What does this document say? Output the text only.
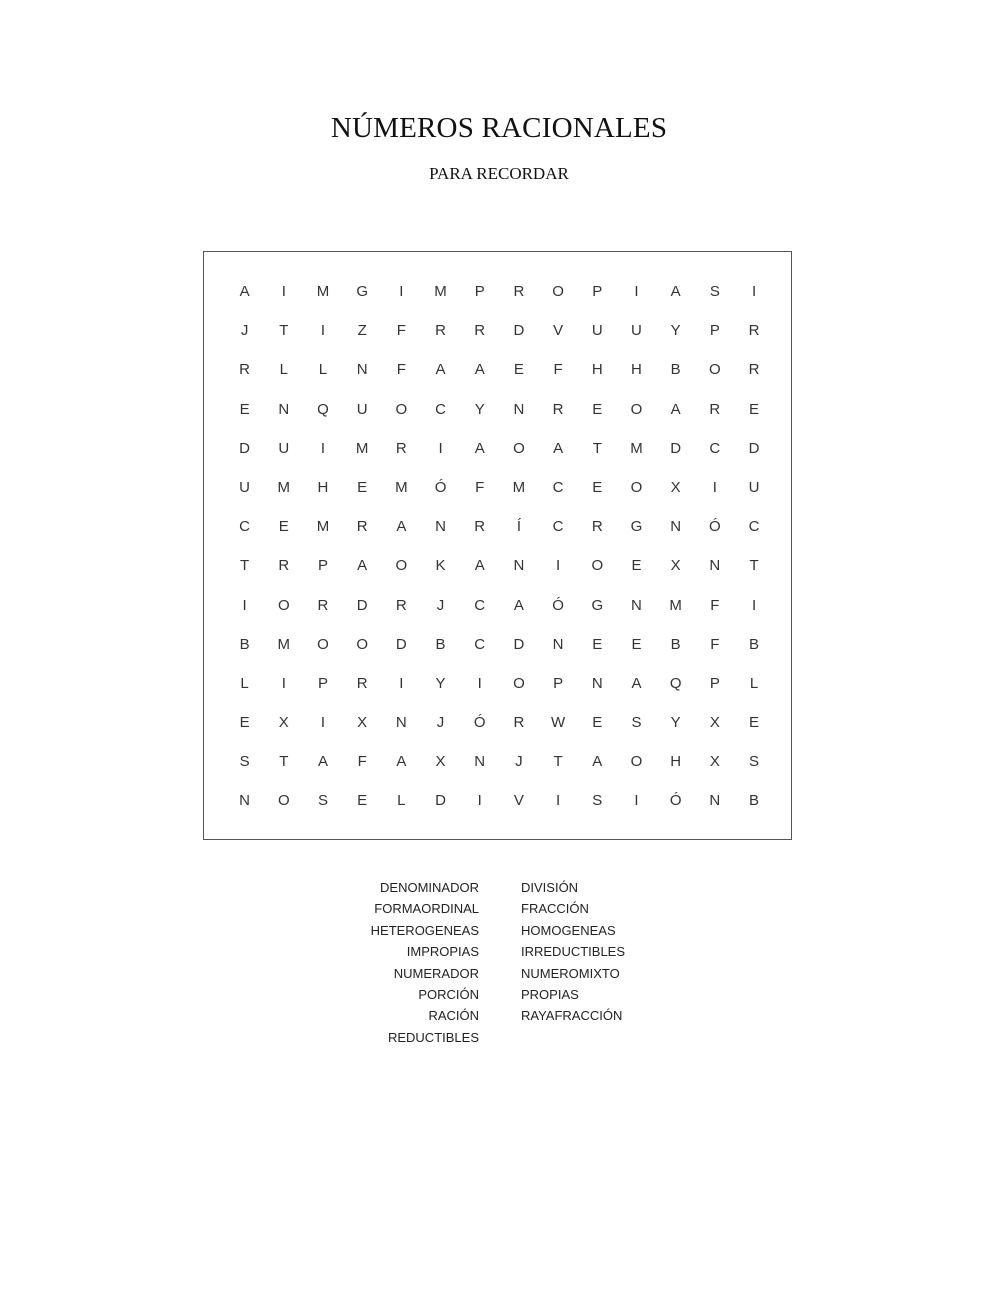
NÚMEROS RACIONALES
PARA RECORDAR
A	I	M	G	I	M	P	R	O	P	I	A	S	I
J	T	I	Z	F	R	R	D	V	U	U	Y	P	R
R	L	L	N	F	A	A	E	F	H	H	B	O	R
E	N	Q	U	O	C	Y	N	R	E	O	A	R	E
D	U	I	M	R	I	A	O	A	T	M	D	C	D
U	M	H	E	M	Ó	F	M	C	E	O	X	I	U
C	E	M	R	A	N	R	Í	C	R	G	N	Ó	C
T	R	P	A	O	K	A	N	I	O	E	X	N	T
I	O	R	D	R	J	C	A	Ó	G	N	M	F	I
B	M	O	O	D	B	C	D	N	E	E	B	F	B
L	I	P	R	I	Y	I	O	P	N	A	Q	P	L
E	X	I	X	N	J	Ó	R	W	E	S	Y	X	E
S	T	A	F	A	X	N	J	T	A	O	H	X	S
N	O	S	E	L	D	I	V	I	S	I	Ó	N	B
DENOMINADOR
FORMAORDINAL
HETEROGENEAS
IMPROPIAS
NUMERADOR
PORCIÓN
RACIÓN
REDUCTIBLES
DIVISIÓN
FRACCIÓN
HOMOGENEAS
IRREDUCTIBLES
NUMEROMIXTO
PROPIAS
RAYAFRACCIÓN
